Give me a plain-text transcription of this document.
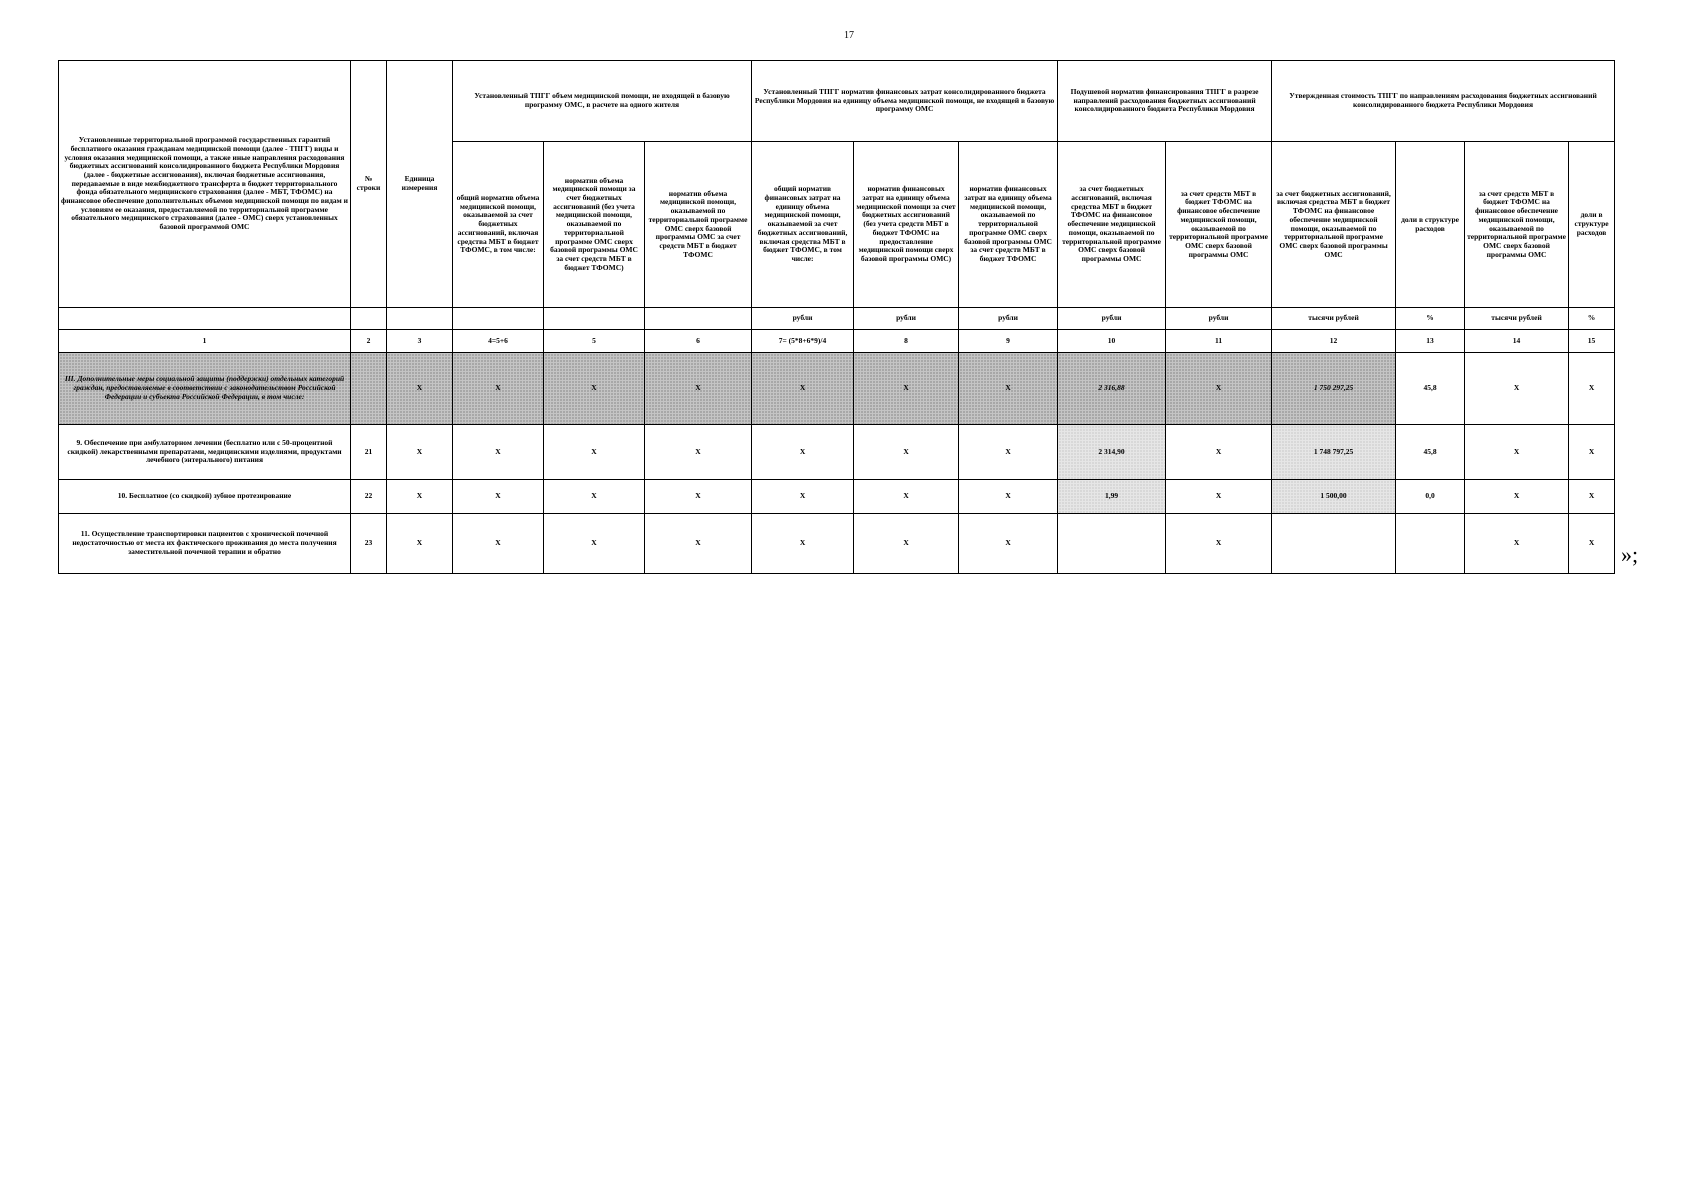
17
Установленные территориальной программой государственных гарантий бесплатного оказания гражданам медицинской помощи (далее - ТПГГ) виды и условия оказания медицинской помощи, а также иные направления расходования бюджетных ассигнований консолидированного бюджета Республики Мордовия (далее - бюджетные ассигнования), включая бюджетные ассигнования, передаваемые в виде межбюджетного трансферта в бюджет территориального фонда обязательного медицинского страхования (далее - МБТ, ТФОМС) на финансовое обеспечение дополнительных объемов медицинской помощи по видам и условиям ее оказания, предоставляемой по территориальной программе обязательного медицинского страхования (далее - ОМС) сверх установленных базовой программой ОМС	№ строки	Единица измерения	Установленный ТПГГ объем медицинской помощи, не входящей в базовую программу ОМС, в расчете на одного жителя			Установленный ТПГГ норматив финансовых затрат консолидированного бюджета Республики Мордовия на единицу объема медицинской помощи, не входящей в базовую программу ОМС			Подушевой норматив финансирования ТПГГ в разрезе направлений расходования бюджетных ассигнований консолидированного бюджета Республики Мордовия		Утвержденная стоимость ТПГГ по направлениям расходования бюджетных ассигнований консолидированного бюджета Республики Мордовия			
			общий норматив объема медицинской помощи, оказываемой за счет бюджетных ассигнований, включая средства МБТ в бюджет ТФОМС, в том числе:	норматив объема медицинской помощи за счет бюджетных ассигнований (без учета медицинской помощи, оказываемой по территориальной программе ОМС сверх базовой программы ОМС за счет средств МБТ в бюджет ТФОМС)	норматив объема медицинской помощи, оказываемой по территориальной программе ОМС сверх базовой программы ОМС за счет средств МБТ в бюджет ТФОМС	общий норматив финансовых затрат на единицу объема медицинской помощи, оказываемой за счет бюджетных ассигнований, включая средства МБТ в бюджет ТФОМС, в том числе:	норматив финансовых затрат на единицу объема медицинской помощи за счет бюджетных ассигнований (без учета средств МБТ в бюджет ТФОМС на предоставление медицинской помощи сверх базовой программы ОМС)	норматив финансовых затрат на единицу объема медицинской помощи, оказываемой по территориальной программе ОМС сверх базовой программы ОМС за счет средств МБТ в бюджет ТФОМС	за счет бюджетных ассигнований, включая средства МБТ в бюджет ТФОМС на финансовое обеспечение медицинской помощи, оказываемой по территориальной программе ОМС сверх базовой программы ОМС	за счет средств МБТ в бюджет ТФОМС на финансовое обеспечение медицинской помощи, оказываемой по территориальной программе ОМС сверх базовой программы ОМС	за счет бюджетных ассигнований, включая средства МБТ в бюджет ТФОМС на финансовое обеспечение медицинской помощи, оказываемой по территориальной программе ОМС сверх базовой программы ОМС	доли в структуре расходов	за счет средств МБТ в бюджет ТФОМС на финансовое обеспечение медицинской помощи, оказываемой по территориальной программе ОМС сверх базовой программы ОМС	доли в структуре расходов
						рубли	рубли	рубли	рубли	рубли	тысячи рублей	%	тысячи рублей	%
1	2	3	4=5+6	5	6	7= (5*8+6*9)/4	8	9	10	11	12	13	14	15
III. Дополнительные меры социальной защиты (поддержки) отдельных категорий граждан, предоставляемые в соответствии с законодательством Российской Федерации и субъекта Российской Федерации, в том числе:		X	X	X	X	X	X	X	2 316,88	X	1 750 297,25	45,8	X	X
9. Обеспечение при амбулаторном лечении (бесплатно или с 50-процентной скидкой) лекарственными препаратами, медицинскими изделиями, продуктами лечебного (энтерального) питания	21	X	X	X	X	X	X	X	2 314,90	X	1 748 797,25	45,8	X	X
10. Бесплатное (со скидкой) зубное протезирование	22	X	X	X	X	X	X	X	1,99	X	1 500,00	0,0	X	X
11. Осуществление транспортировки пациентов с хронической почечной недостаточностью от места их фактического проживания до места получения заместительной почечной терапии и обратно	23	X	X	X	X	X	X	X		X			X	X »;
